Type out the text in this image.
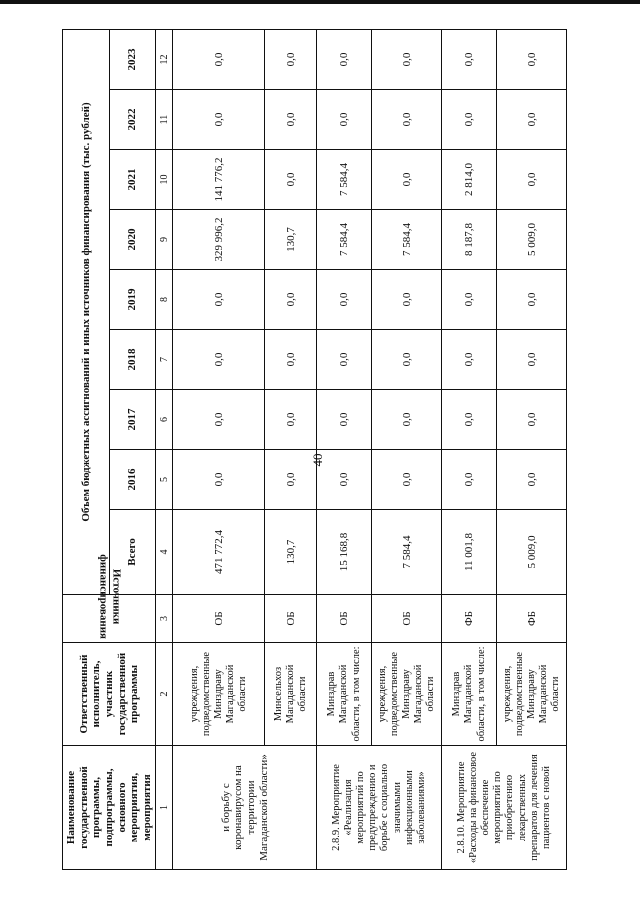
40
Наименование государственной программы, подпрограммы, основного мероприятия, мероприятия	Ответственный исполнитель, участник государственной программы	Источники финансирования	Объем бюджетных ассигнований и иных источников финансирования (тыс. рублей)								
			Всего	2016	2017	2018	2019	2020	2021	2022	2023
1	2	3	4	5	6	7	8	9	10	11	12
и борьбу с коронавирусом на территории Магаданской области»	учреждения, подведомственные Минздраву Магаданской области	ОБ	471 772,4	0,0	0,0	0,0	0,0	329 996,2	141 776,2	0,0	0,0
	Минсельхоз Магаданской области	ОБ	130,7	0,0	0,0	0,0	0,0	130,7	0,0	0,0	0,0
2.8.9. Мероприятие «Реализация мероприятий по предупреждению и борьбе с социально значимыми инфекционными заболеваниями»	Минздрав Магаданской области, в том числе:	ОБ	15 168,8	0,0	0,0	0,0	0,0	7 584,4	7 584,4	0,0	0,0
	учреждения, подведомственные Минздраву Магаданской области	ОБ	7 584,4	0,0	0,0	0,0	0,0	7 584,4	0,0	0,0	0,0
2.8.10. Мероприятие «Расходы на финансовое обеспечение мероприятий по приобретению лекарственных препаратов для лечения пациентов с новой	Минздрав Магаданской области, в том числе:	ФБ	11 001,8	0,0	0,0	0,0	0,0	8 187,8	2 814,0	0,0	0,0
	учреждения, подведомственные Минздраву Магаданской области	ФБ	5 009,0	0,0	0,0	0,0	0,0	5 009,0	0,0	0,0	0,0
